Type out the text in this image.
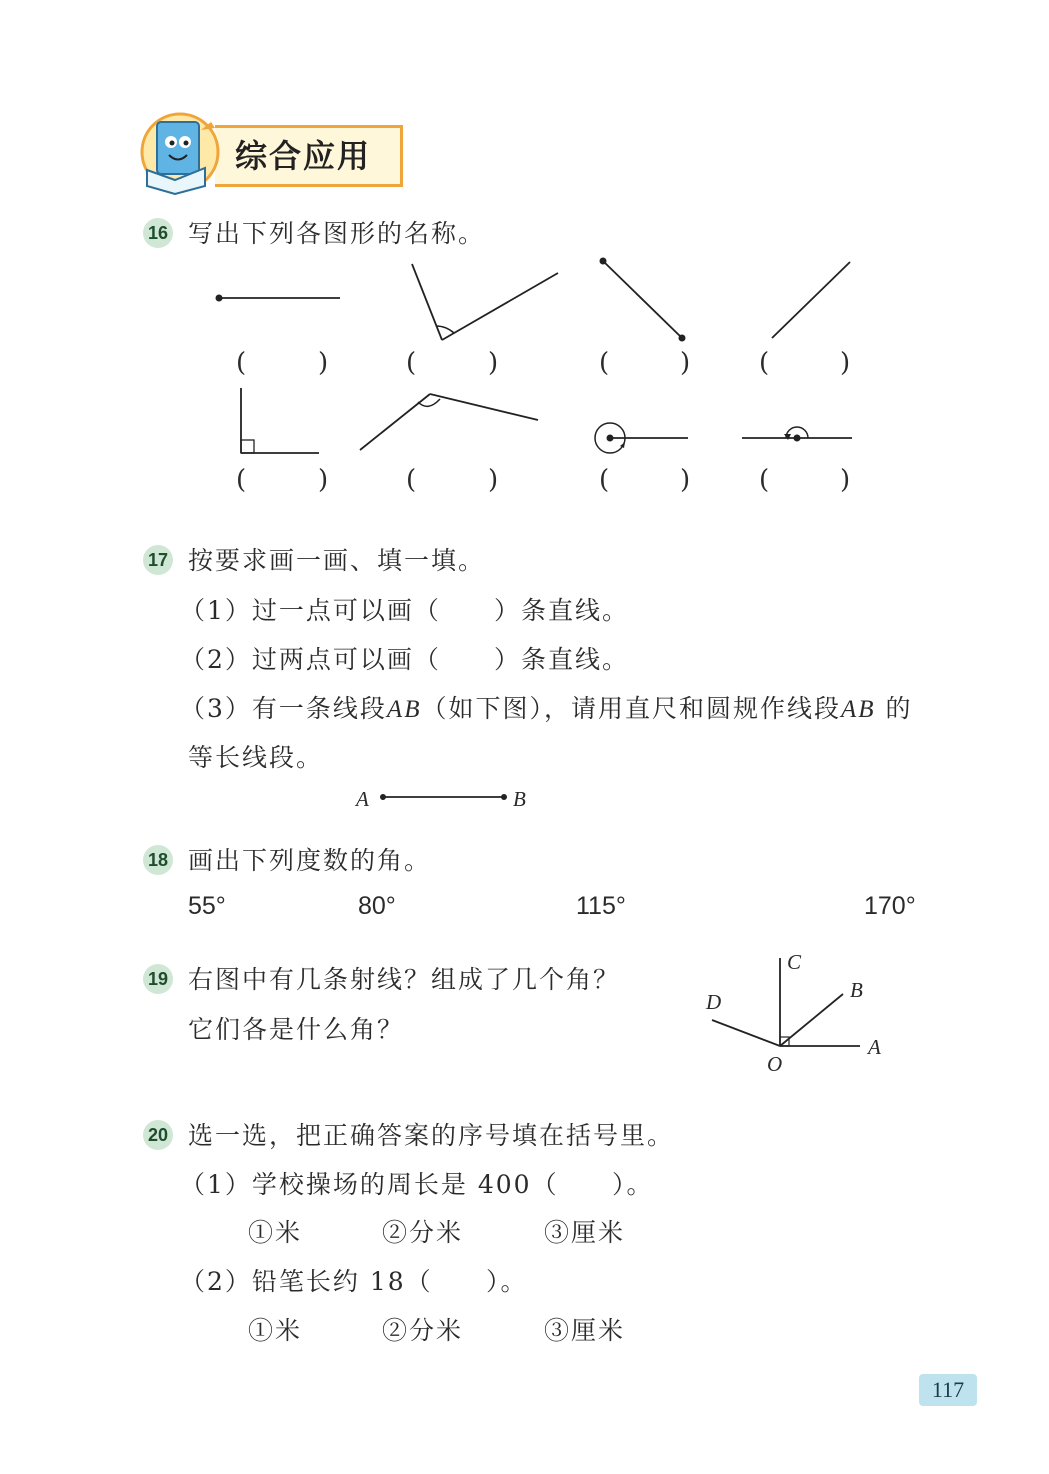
综合应用
16 写出下列各图形的名称。
(	)	(	)	(	)	(	)
(	)	(	)	(	)	(	)
17 按要求画一画、填一填。
（1）过一点可以画（ ）条直线。
（2）过两点可以画（ ）条直线。
（3）有一条线段AB（如下图），请用直尺和圆规作线段AB 的
等长线段。
A	B
18 画出下列度数的角。
55°	80°	115°	170°
19 右图中有几条射线？组成了几个角？
它们各是什么角？
C
B
D
A
O
20 选一选，把正确答案的序号填在括号里。
（1）学校操场的周长是 400（ ）。
①米	②分米	③厘米
（2）铅笔长约 18（ ）。
①米	②分米	③厘米
117
